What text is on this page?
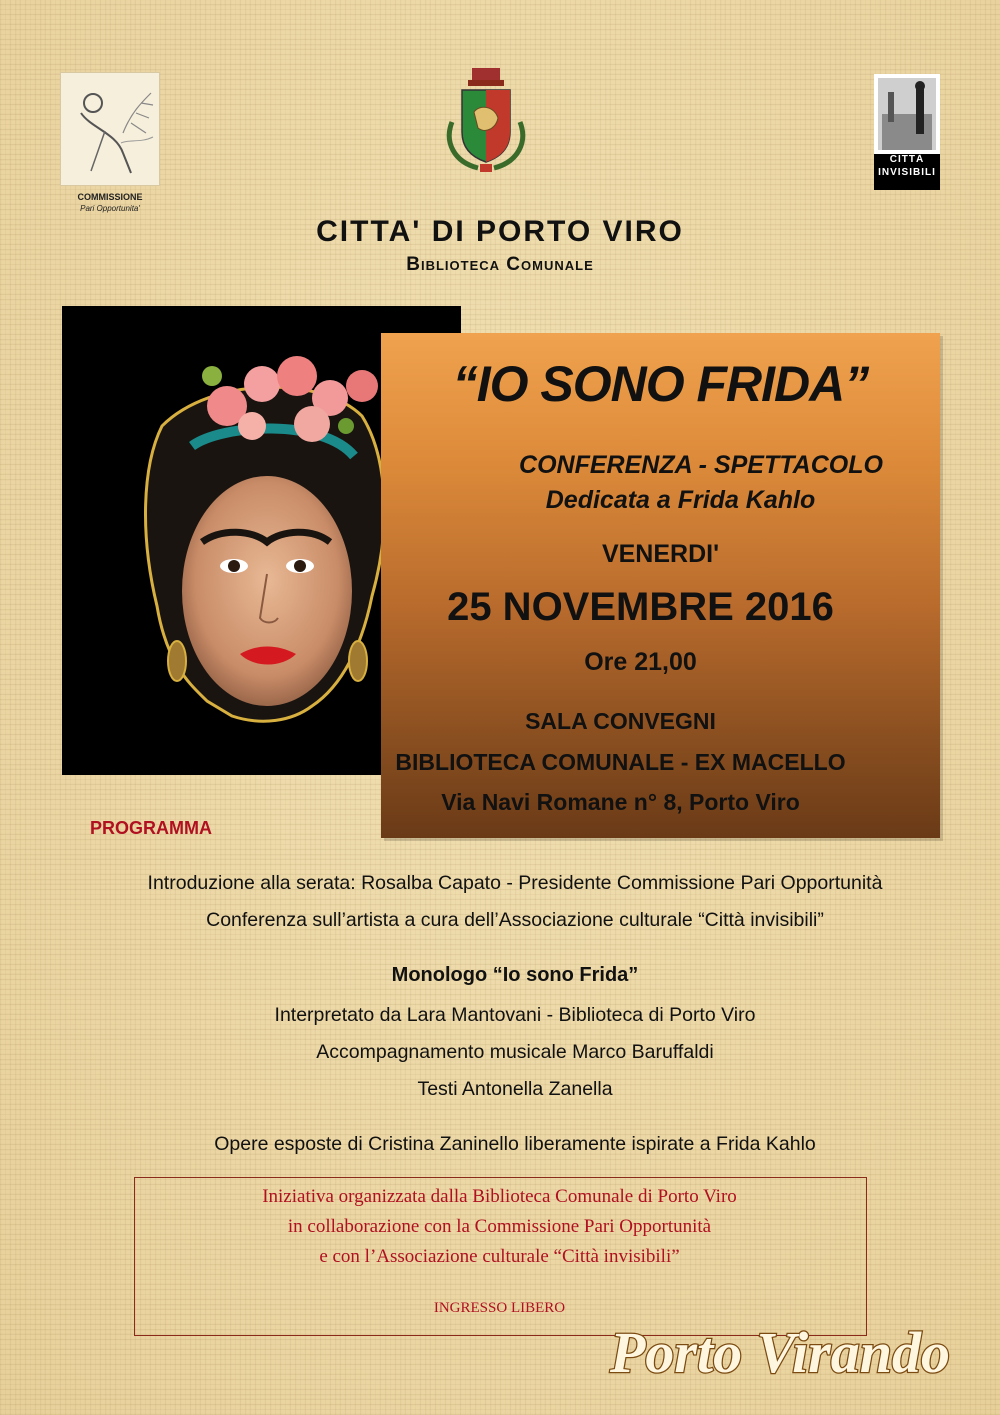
COMMISSIONE
Pari Opportunita'
CITTÀ
INVISIBILI
CITTA' DI PORTO VIRO
Biblioteca Comunale
“IO SONO FRIDA”
CONFERENZA - SPETTACOLO
Dedicata a Frida Kahlo
VENERDI'
25 NOVEMBRE 2016
Ore 21,00
SALA CONVEGNI
BIBLIOTECA COMUNALE - EX MACELLO
Via Navi Romane n° 8, Porto Viro
PROGRAMMA
Introduzione alla serata: Rosalba Capato - Presidente Commissione Pari Opportunità
Conferenza sull’artista a cura dell’Associazione culturale “Città invisibili”
Monologo “Io sono Frida”
Interpretato da Lara Mantovani - Biblioteca di Porto Viro
Accompagnamento musicale Marco Baruffaldi
Testi Antonella Zanella
Opere esposte di Cristina Zaninello liberamente ispirate a Frida Kahlo
Iniziativa organizzata dalla Biblioteca Comunale di Porto Viro
in collaborazione con la Commissione Pari Opportunità
e con l’Associazione culturale “Città invisibili”
INGRESSO LIBERO
Porto Virando
